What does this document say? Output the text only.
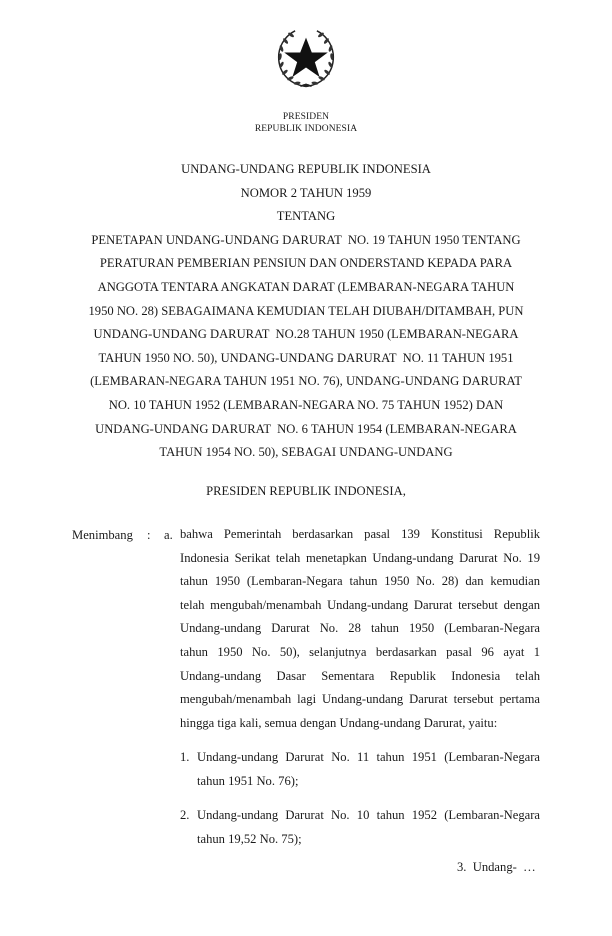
PRESIDEN
REPUBLIK INDONESIA
UNDANG-UNDANG REPUBLIK INDONESIA
NOMOR 2 TAHUN 1959
TENTANG
PENETAPAN UNDANG-UNDANG DARURAT  NO. 19 TAHUN 1950 TENTANG
PERATURAN PEMBERIAN PENSIUN DAN ONDERSTAND KEPADA PARA
ANGGOTA TENTARA ANGKATAN DARAT (LEMBARAN-NEGARA TAHUN
1950 NO. 28) SEBAGAIMANA KEMUDIAN TELAH DIUBAH/DITAMBAH, PUN
UNDANG-UNDANG DARURAT  NO.28 TAHUN 1950 (LEMBARAN-NEGARA
TAHUN 1950 NO. 50), UNDANG-UNDANG DARURAT  NO. 11 TAHUN 1951
(LEMBARAN-NEGARA TAHUN 1951 NO. 76), UNDANG-UNDANG DARURAT
NO. 10 TAHUN 1952 (LEMBARAN-NEGARA NO. 75 TAHUN 1952) DAN
UNDANG-UNDANG DARURAT  NO. 6 TAHUN 1954 (LEMBARAN-NEGARA
TAHUN 1954 NO. 50), SEBAGAI UNDANG-UNDANG
PRESIDEN REPUBLIK INDONESIA,
Menimbang : a. bahwa Pemerintah berdasarkan pasal 139 Konstitusi Republik
Indonesia Serikat telah menetapkan Undang-undang Darurat No. 19
tahun 1950 (Lembaran-Negara tahun 1950 No. 28) dan kemudian
telah mengubah/menambah Undang-undang Darurat tersebut dengan
Undang-undang Darurat No. 28 tahun 1950 (Lembaran-Negara
tahun 1950 No. 50), selanjutnya berdasarkan pasal 96 ayat 1
Undang-undang Dasar Sementara Republik Indonesia telah
mengubah/menambah lagi Undang-undang Darurat tersebut pertama
hingga tiga kali, semua dengan Undang-undang Darurat, yaitu:
1. Undang-undang Darurat No. 11 tahun 1951 (Lembaran-Negara
tahun 1951 No. 76);
2. Undang-undang Darurat No. 10 tahun 1952 (Lembaran-Negara
tahun 19,52 No. 75);
3.  Undang-  …
